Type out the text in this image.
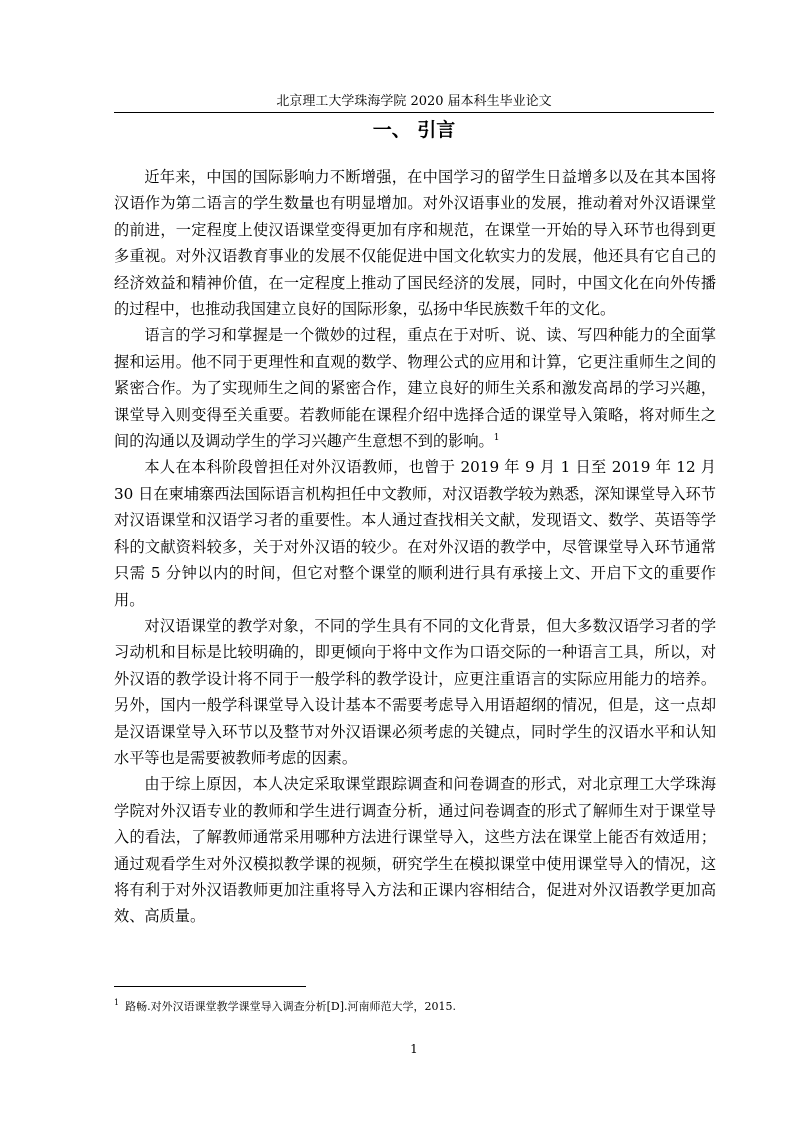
北京理工大学珠海学院 2020 届本科生毕业论文
一、 引言

近年来，中国的国际影响力不断增强，在中国学习的留学生日益增多以及在其本国将汉语作为第二语言的学生数量也有明显增加。对外汉语事业的发展，推动着对外汉语课堂的前进，一定程度上使汉语课堂变得更加有序和规范，在课堂一开始的导入环节也得到更多重视。对外汉语教育事业的发展不仅能促进中国文化软实力的发展，他还具有它自己的经济效益和精神价值，在一定程度上推动了国民经济的发展，同时，中国文化在向外传播的过程中，也推动我国建立良好的国际形象，弘扬中华民族数千年的文化。

语言的学习和掌握是一个微妙的过程，重点在于对听、说、读、写四种能力的全面掌握和运用。他不同于更理性和直观的数学、物理公式的应用和计算，它更注重师生之间的紧密合作。为了实现师生之间的紧密合作，建立良好的师生关系和激发高昂的学习兴趣，课堂导入则变得至关重要。若教师能在课程介绍中选择合适的课堂导入策略，将对师生之间的沟通以及调动学生的学习兴趣产生意想不到的影响。$^1$

本人在本科阶段曾担任对外汉语教师，也曾于 2019 年 9 月 1 日至 2019 年 12 月 30 日在柬埔寨西法国际语言机构担任中文教师，对汉语教学较为熟悉，深知课堂导入环节对汉语课堂和汉语学习者的重要性。本人通过查找相关文献，发现语文、数学、英语等学科的文献资料较多，关于对外汉语的较少。在对外汉语的教学中，尽管课堂导入环节通常只需 5 分钟以内的时间，但它对整个课堂的顺利进行具有承接上文、开启下文的重要作用。

对汉语课堂的教学对象，不同的学生具有不同的文化背景，但大多数汉语学习者的学习动机和目标是比较明确的，即更倾向于将中文作为口语交际的一种语言工具，所以，对外汉语的教学设计将不同于一般学科的教学设计，应更注重语言的实际应用能力的培养。另外，国内一般学科课堂导入设计基本不需要考虑导入用语超纲的情况，但是，这一点却是汉语课堂导入环节以及整节对外汉语课必须考虑的关键点，同时学生的汉语水平和认知水平等也是需要被教师考虑的因素。

由于综上原因，本人决定采取课堂跟踪调查和问卷调查的形式，对北京理工大学珠海学院对外汉语专业的教师和学生进行调查分析，通过问卷调查的形式了解师生对于课堂导入的看法，了解教师通常采用哪种方法进行课堂导入，这些方法在课堂上能否有效适用；通过观看学生对外汉模拟教学课的视频，研究学生在模拟课堂中使用课堂导入的情况，这将有利于对外汉语教师更加注重将导入方法和正课内容相结合，促进对外汉语教学更加高效、高质量。

$^1$ 路畅.对外汉语课堂教学课堂导入调查分析[D].河南师范大学，2015.
1
